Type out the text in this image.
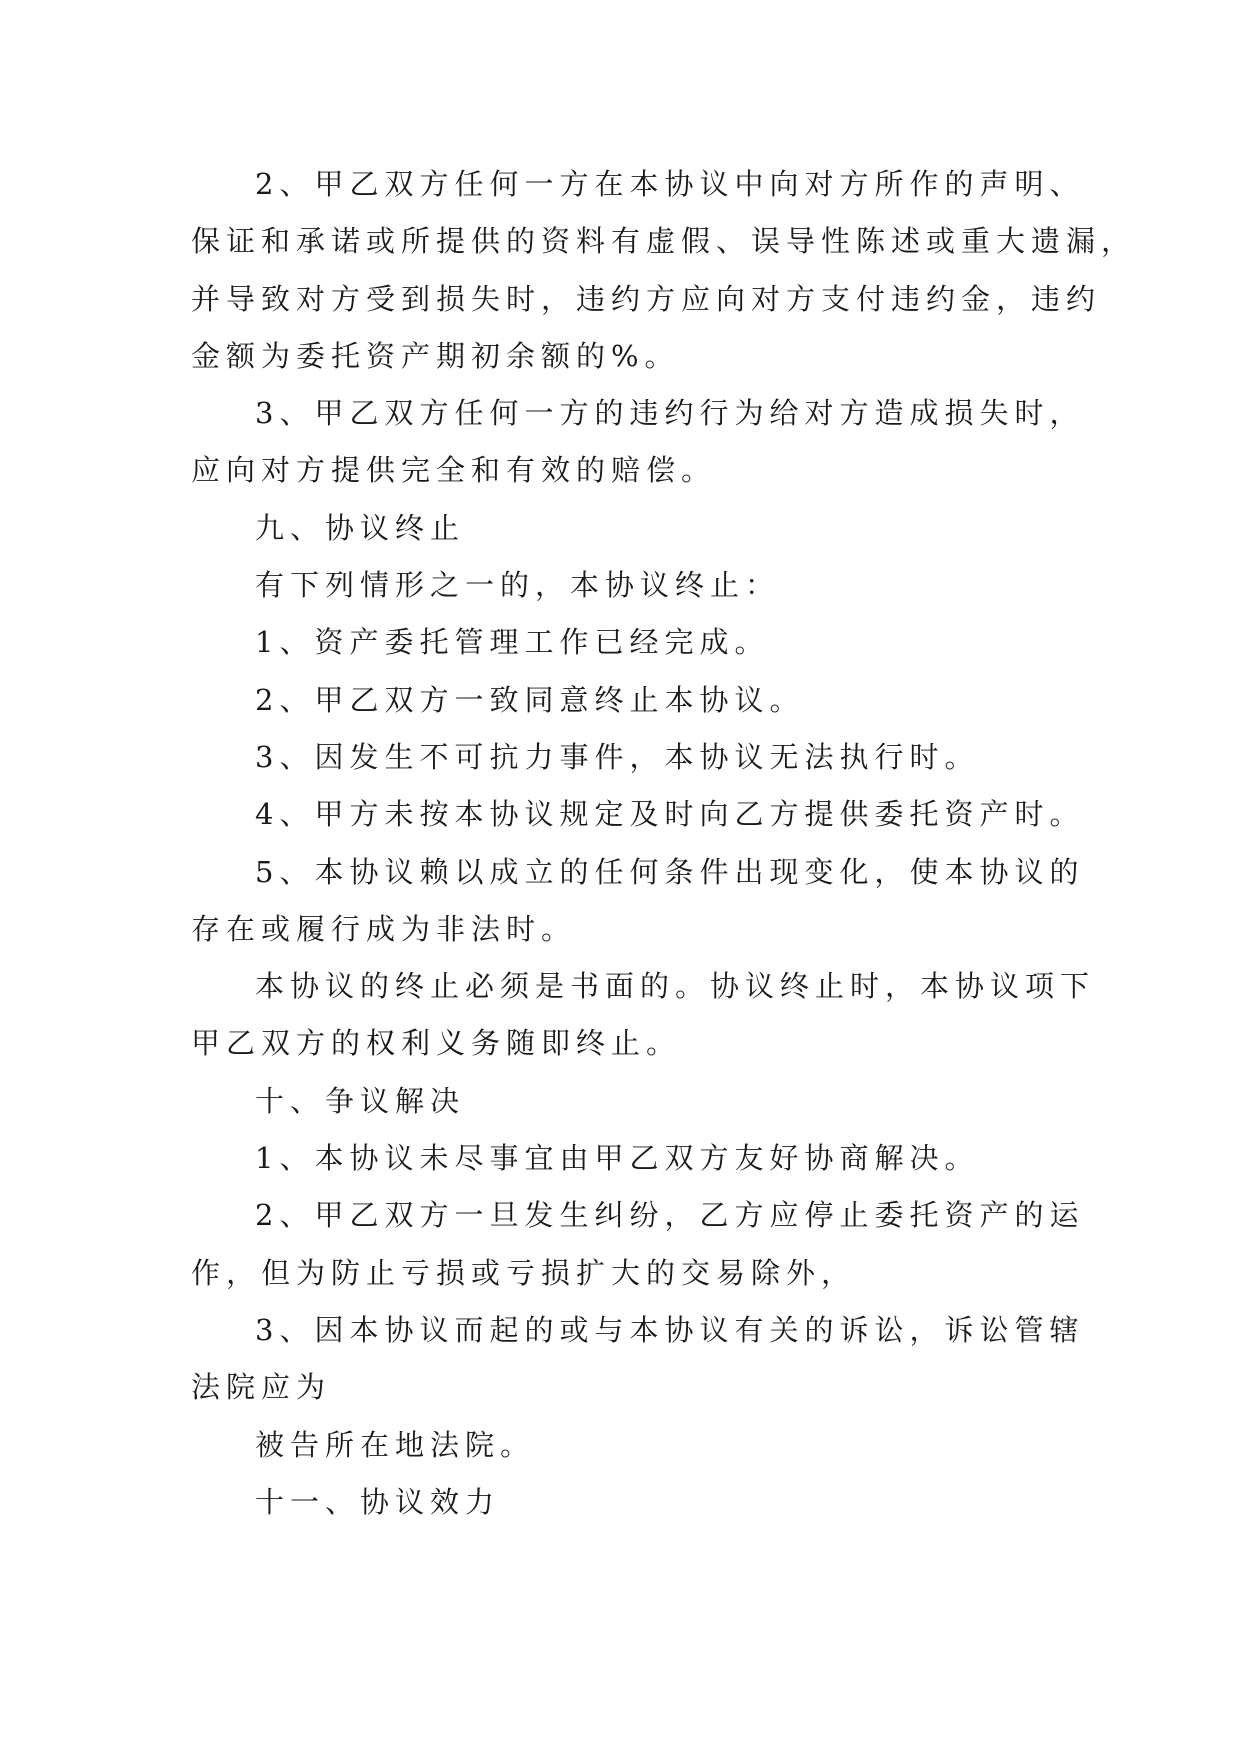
2、甲乙双方任何一方在本协议中向对方所作的声明、
保证和承诺或所提供的资料有虚假、误导性陈述或重大遗漏，
并导致对方受到损失时，违约方应向对方支付违约金，违约
金额为委托资产期初余额的%。
3、甲乙双方任何一方的违约行为给对方造成损失时，
应向对方提供完全和有效的赔偿。
九、协议终止
有下列情形之一的，本协议终止：
1、资产委托管理工作已经完成。
2、甲乙双方一致同意终止本协议。
3、因发生不可抗力事件，本协议无法执行时。
4、甲方未按本协议规定及时向乙方提供委托资产时。
5、本协议赖以成立的任何条件出现变化，使本协议的
存在或履行成为非法时。
本协议的终止必须是书面的。协议终止时，本协议项下
甲乙双方的权利义务随即终止。
十、争议解决
1、本协议未尽事宜由甲乙双方友好协商解决。
2、甲乙双方一旦发生纠纷，乙方应停止委托资产的运
作，但为防止亏损或亏损扩大的交易除外，
3、因本协议而起的或与本协议有关的诉讼，诉讼管辖
法院应为
被告所在地法院。
十一、协议效力
